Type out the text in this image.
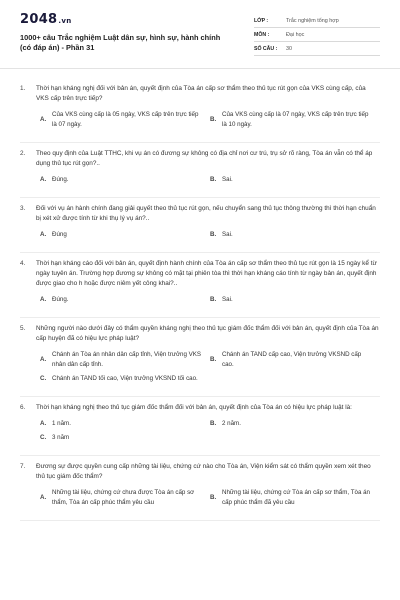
2048.vn
1000+ câu Trắc nghiệm Luật dân sự, hình sự, hành chính
(có đáp án) - Phần 31
LỚP :	Trắc nghiệm tổng hợp
MÔN :	Đại học
SỐ CÂU :	30
1.	Thời hạn kháng nghị đối với bản án, quyết định của Tòa án cấp sơ thẩm theo thủ tục rút gọn của VKS cùng cấp, của VKS cấp trên trực tiếp?
A.
Của VKS cùng cấp là 05 ngày, VKS cấp trên trực tiếp là 07 ngày.
B.
Của VKS cùng cấp là 07 ngày, VKS cấp trên trực tiếp là 10 ngày.
2.	Theo quy định của Luật TTHC, khi vụ án có đương sự không có địa chỉ nơi cư trú, trụ sở rõ ràng, Tòa án vẫn có thể áp dụng thủ tục rút gọn?..
A. Đúng.	B. Sai.
3.	Đối với vụ án hành chính đang giải quyết theo thủ tục rút gọn, nếu chuyển sang thủ tục thông thường thì thời hạn chuẩn bị xét xử được tính từ khi thụ lý vụ án?..
A. Đúng	B. Sai.
4.	Thời hạn kháng cáo đối với bản án, quyết định hành chính của Tòa án cấp sơ thẩm theo thủ tục rút gọn là 15 ngày kể từ ngày tuyên án. Trường hợp đương sự không có mặt tại phiên tòa thì thời hạn kháng cáo tính từ ngày bản án, quyết định được giao cho h hoặc được niêm yết công khai?..
A. Đúng.	B. Sai.
5.	Những người nào dưới đây có thẩm quyền kháng nghị theo thủ tục giám đốc thẩm đối với bản án, quyết định của Tòa án cấp huyện đã có hiệu lực pháp luật?
A.
Chánh án Tòa án nhân dân cấp tỉnh, Viện trưởng VKS nhân dân cấp tỉnh.
B.
Chánh án TAND cấp cao, Viện trưởng VKSND cấp cao.
C. Chánh án TAND tối cao, Viện trưởng VKSND tối cao.
6.	Thời hạn kháng nghị theo thủ tục giám đốc thẩm đối với bản án, quyết định của Tòa án có hiệu lực pháp luật là:
A. 1 năm.	B. 2 năm.
C. 3 năm
7.	Đương sự được quyền cung cấp những tài liệu, chứng cứ nào cho Tòa án, Viện kiểm sát có thẩm quyền xem xét theo thủ tục giám đốc thẩm?
A.
Những tài liệu, chứng cứ chưa được Tòa án cấp sơ thẩm, Tòa án cấp phúc thẩm yêu cầu
B.
Những tài liệu, chứng cứ Tòa án cấp sơ thẩm, Tòa án cấp phúc thẩm đã yêu cầu
